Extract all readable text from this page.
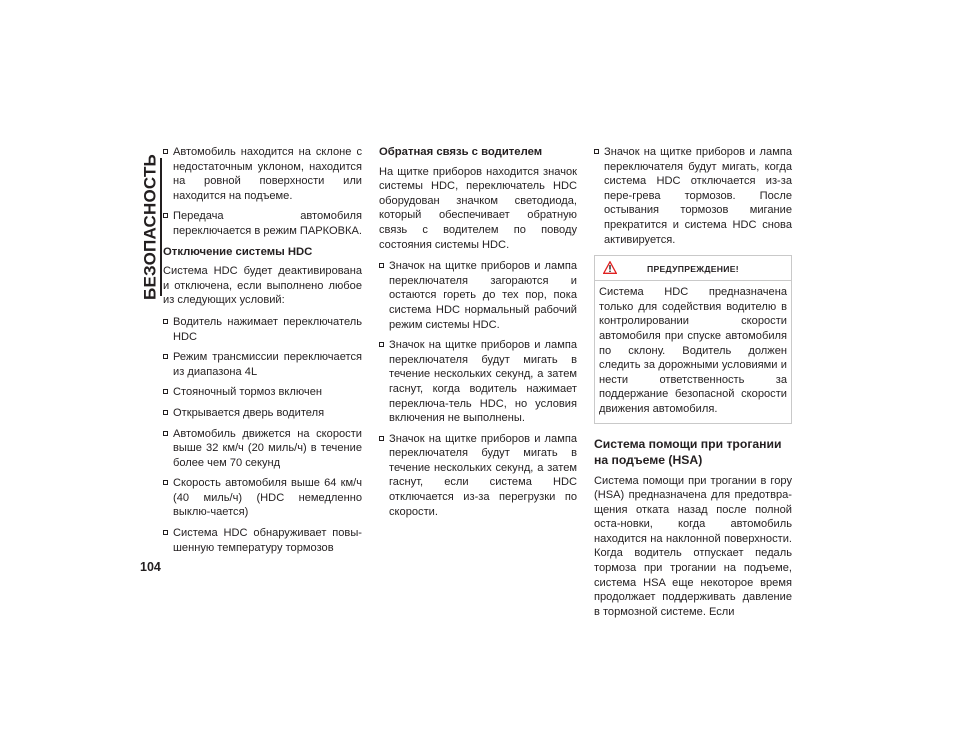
БЕЗОПАСНОСТЬ
104
Автомобиль находится на склоне с недостаточным уклоном, находится на ровной поверхности или находится на подъеме.
Передача автомобиля переключается в режим ПАРКОВКА.
Отключение системы HDC

Система HDC будет деактивирована и отключена, если выполнено любое из следующих условий:

Водитель нажимает переключатель HDC
Режим трансмиссии переключается из диапазона 4L
Стояночный тормоз включен
Открывается дверь водителя
Автомобиль движется на скорости выше 32 км/ч (20 миль/ч) в течение более чем 70 секунд
Скорость автомобиля выше 64 км/ч (40 миль/ч) (HDC немедленно выклю-чается)
Система HDC обнаруживает повы-шенную температуру тормозов
Обратная связь с водителем

На щитке приборов находится значок системы HDC, переключатель HDC оборудован значком светодиода, который обеспечивает обратную связь с водителем по поводу состояния системы HDC.

Значок на щитке приборов и лампа переключателя загораются и остаются гореть до тех пор, пока система HDC нормальный рабочий режим системы HDC.
Значок на щитке приборов и лампа переключателя будут мигать в течение нескольких секунд, а затем гаснут, когда водитель нажимает переключа-тель HDC, но условия включения не выполнены.
Значок на щитке приборов и лампа переключателя будут мигать в течение нескольких секунд, а затем гаснут, если система HDC отключается из-за перегрузки по скорости.
Значок на щитке приборов и лампа переключателя будут мигать, когда система HDC отключается из-за пере-грева тормозов. После остывания тормозов мигание прекратится и система HDC снова активируется.
ПРЕДУПРЕЖДЕНИЕ!
Система HDC предназначена только для содействия водителю в контролировании скорости автомобиля при спуске автомобиля по склону. Водитель должен следить за дорожными условиями и нести ответственность за поддержание безопасной скорости движения автомобиля.
Система помощи при трогании на подъеме (HSA)

Система помощи при трогании в гору (HSA) предназначена для предотвра-щения отката назад после полной оста-новки, когда автомобиль находится на наклонной поверхности. Когда водитель отпускает педаль тормоза при трогании на подъеме, система HSA еще некоторое время продолжает поддерживать давление в тормозной системе. Если
